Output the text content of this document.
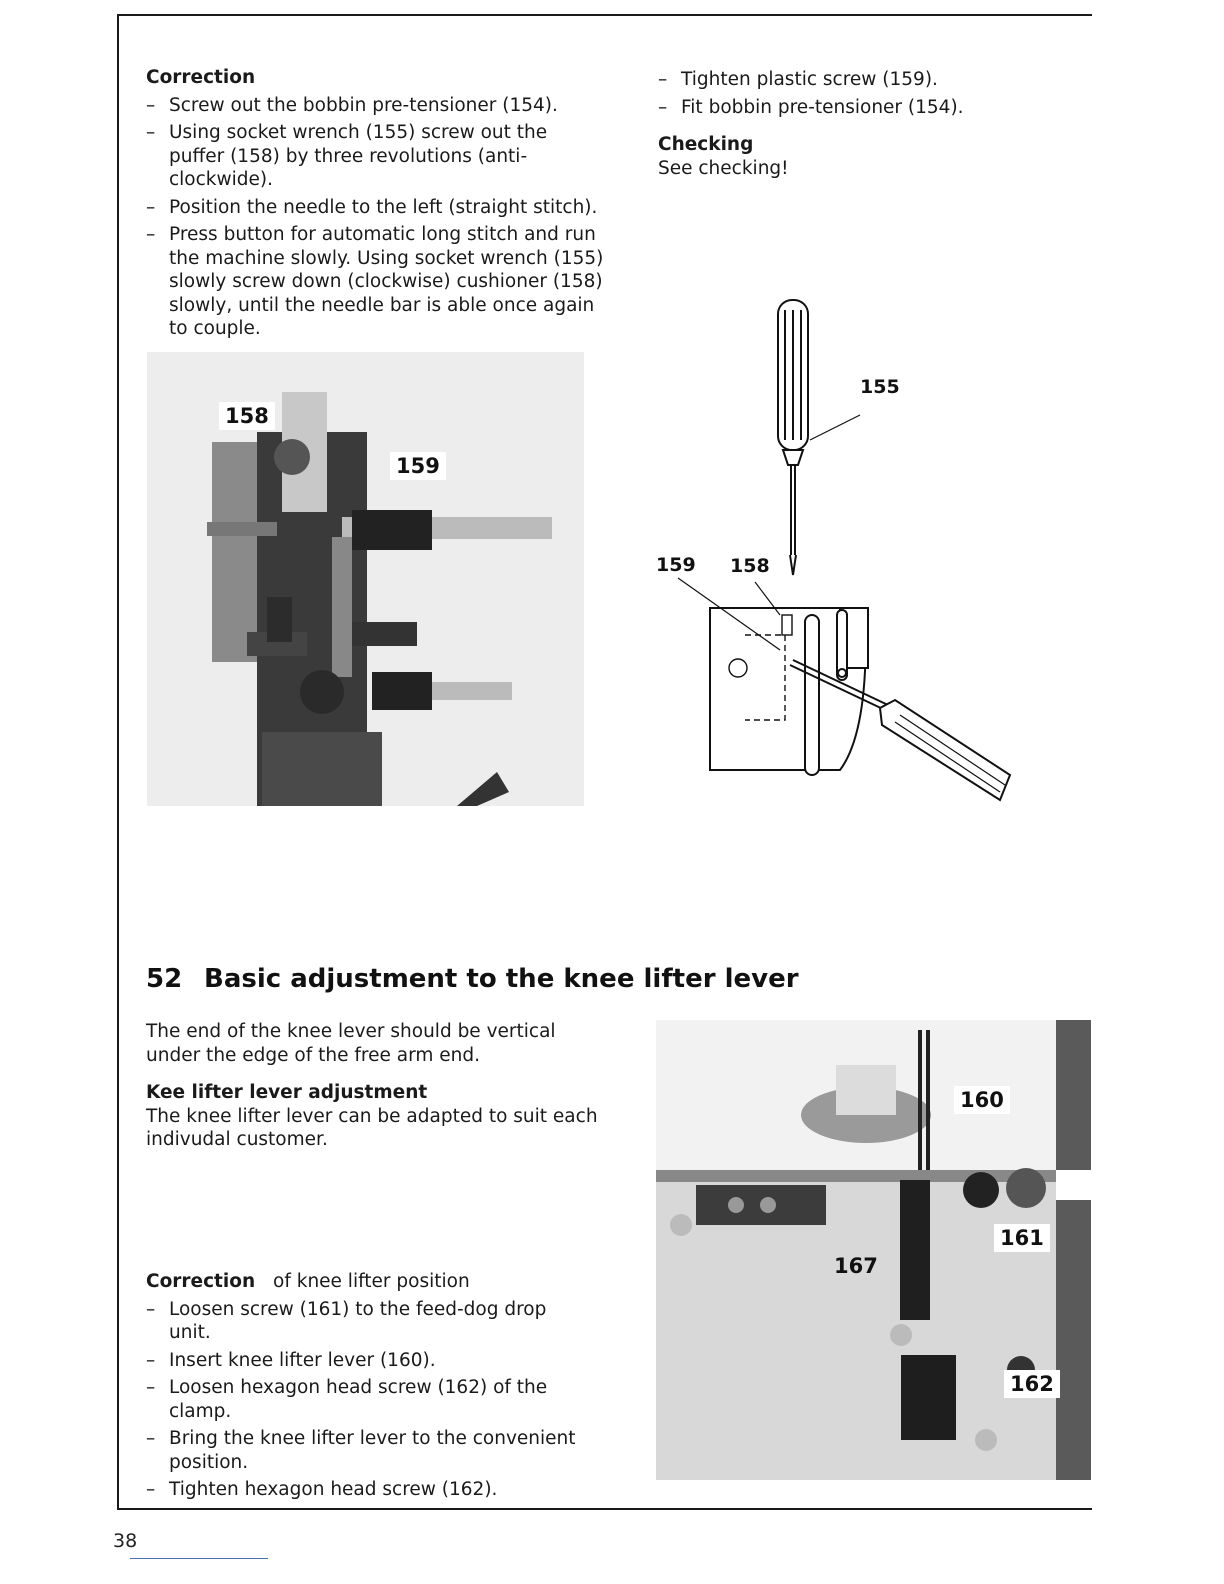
Correction
– Screw out the bobbin pre-tensioner (154).
– Using socket wrench (155) screw out the puffer (158) by three revolutions (anti-clockwide).
– Position the needle to the left (straight stitch).
– Press button for automatic long stitch and run the machine slowly. Using socket wrench (155) slowly screw down (clockwise) cushioner (158) slowly, until the needle bar is able once again to couple.
– Tighten plastic screw (159).
– Fit bobbin pre-tensioner (154).
Checking
See checking!
158
159
155
159 158
52 Basic adjustment to the knee lifter lever
The end of the knee lever should be vertical under the edge of the free arm end.
Kee lifter lever adjustment
The knee lifter lever can be adapted to suit each indivudal customer.
Correction of knee lifter position
– Loosen screw (161) to the feed-dog drop unit.
– Insert knee lifter lever (160).
– Loosen hexagon head screw (162) of the clamp.
– Bring the knee lifter lever to the convenient position.
– Tighten hexagon head screw (162).
160
161
167
162
38
